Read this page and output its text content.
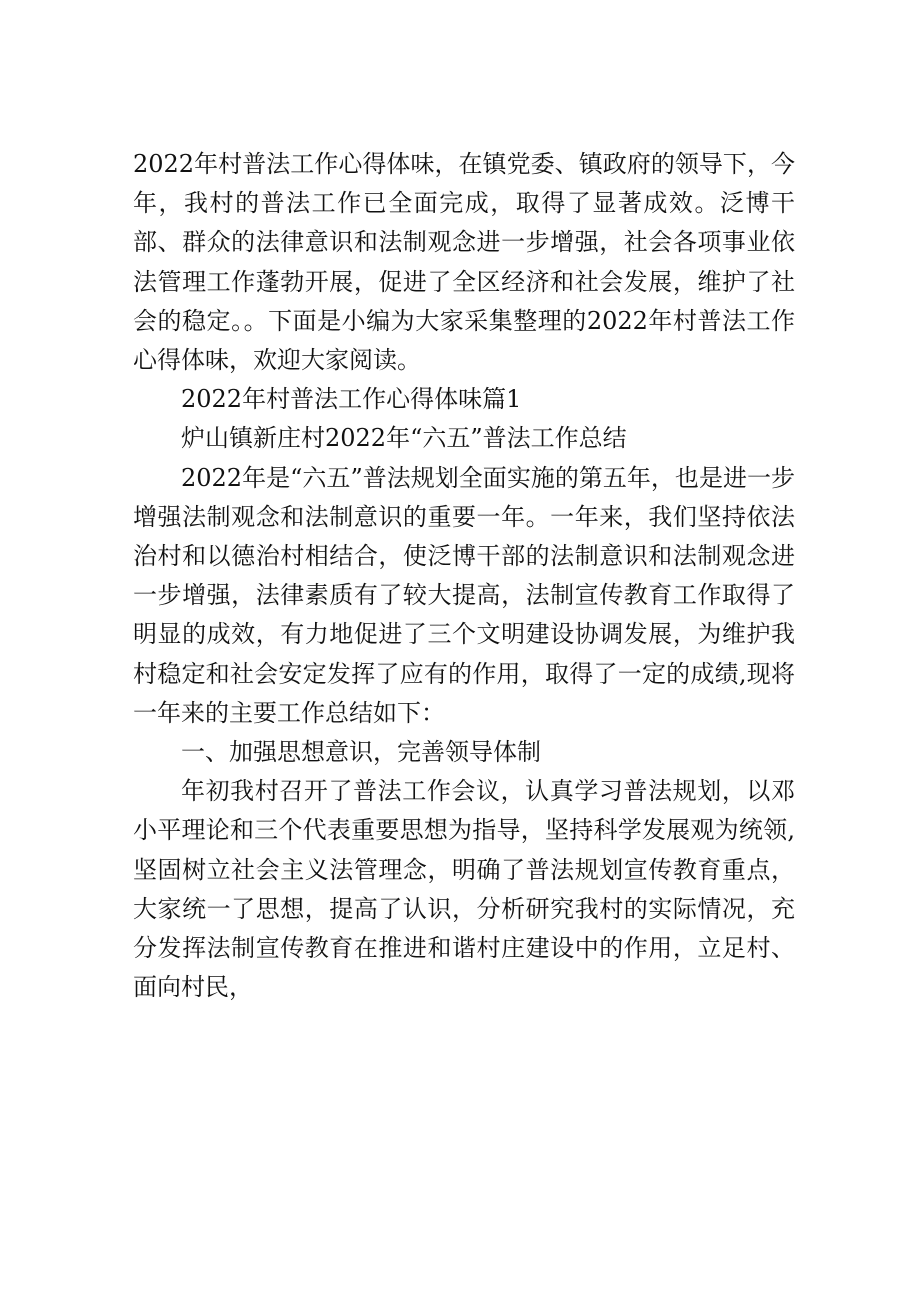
2022年村普法工作心得体味，在镇党委、镇政府的领导下，今年，我村的普法工作已全面完成，取得了显著成效。泛博干部、群众的法律意识和法制观念进一步增强，社会各项事业依法管理工作蓬勃开展，促进了全区经济和社会发展，维护了社会的稳定。。下面是小编为大家采集整理的2022年村普法工作心得体味，欢迎大家阅读。

2022年村普法工作心得体味篇1

炉山镇新庄村2022年“六五”普法工作总结

2022年是“六五”普法规划全面实施的第五年，也是进一步增强法制观念和法制意识的重要一年。一年来，我们坚持依法治村和以德治村相结合，使泛博干部的法制意识和法制观念进一步增强，法律素质有了较大提高，法制宣传教育工作取得了明显的成效，有力地促进了三个文明建设协调发展，为维护我村稳定和社会安定发挥了应有的作用，取得了一定的成绩,现将一年来的主要工作总结如下：

一、加强思想意识，完善领导体制

年初我村召开了普法工作会议，认真学习普法规划，以邓小平理论和三个代表重要思想为指导，坚持科学发展观为统领,坚固树立社会主义法管理念，明确了普法规划宣传教育重点，大家统一了思想，提高了认识，分析研究我村的实际情况，充分发挥法制宣传教育在推进和谐村庄建设中的作用，立足村、面向村民，
